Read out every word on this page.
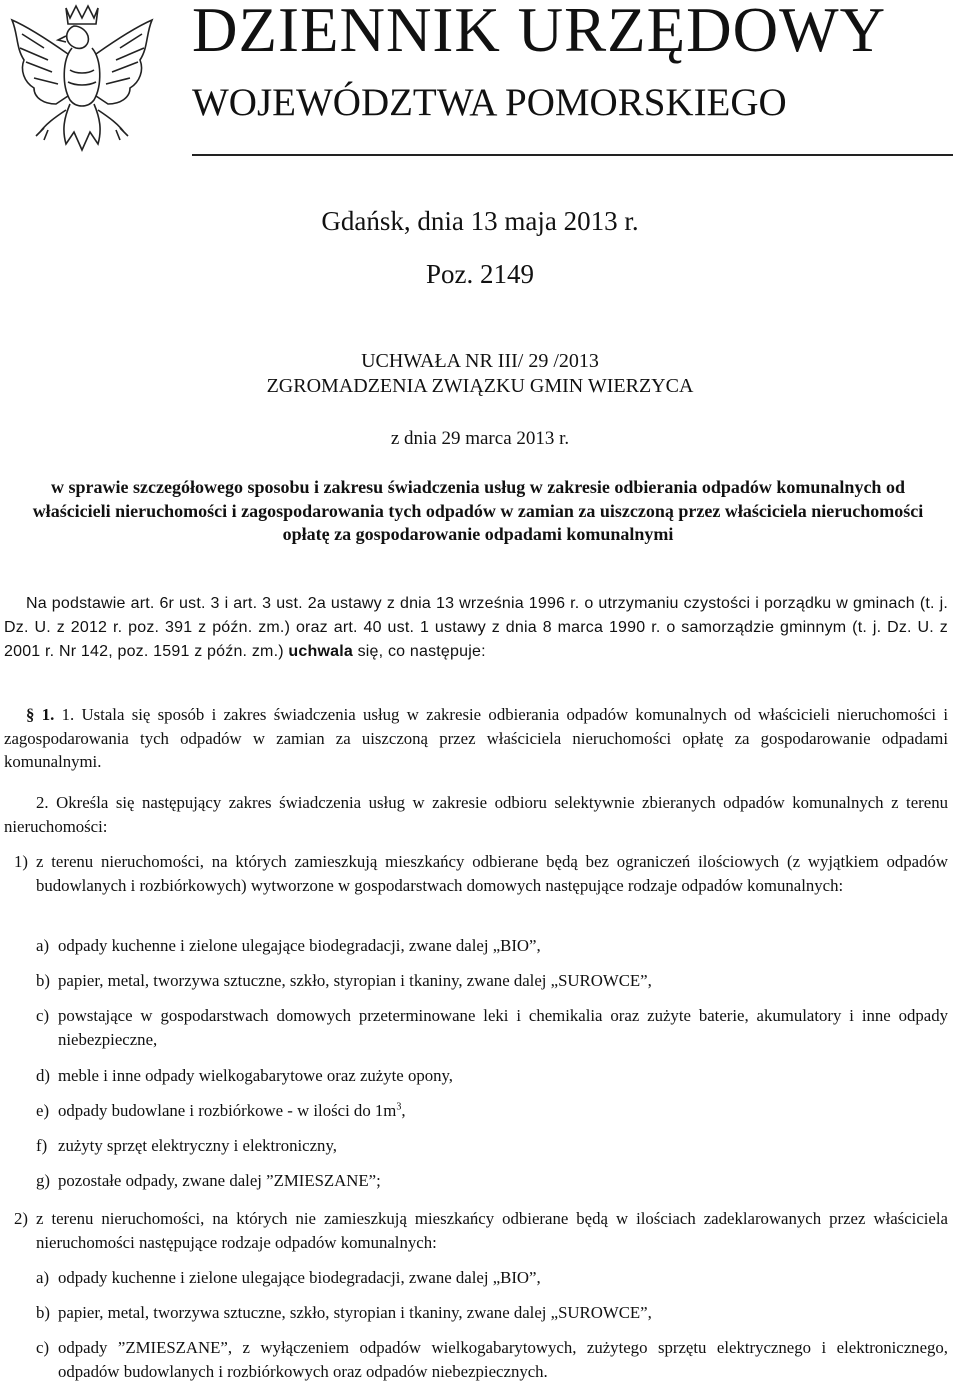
DZIENNIK URZĘDOWY
WOJEWÓDZTWA POMORSKIEGO
Gdańsk, dnia 13 maja 2013 r.
Poz. 2149
UCHWAŁA NR III/ 29 /2013
ZGROMADZENIA ZWIĄZKU GMIN WIERZYCA
z dnia 29 marca 2013 r.
w sprawie szczegółowego sposobu i zakresu świadczenia usług w zakresie odbierania odpadów komunalnych od właścicieli nieruchomości i zagospodarowania tych odpadów w zamian za uiszczoną przez właściciela nieruchomości opłatę za gospodarowanie odpadami komunalnymi
Na podstawie art. 6r ust. 3 i art. 3 ust. 2a ustawy z dnia 13 września 1996 r. o utrzymaniu czystości i porządku w gminach (t. j. Dz. U. z 2012 r. poz. 391 z późn. zm.) oraz art. 40 ust. 1 ustawy z dnia 8 marca 1990 r. o samorządzie gminnym (t. j. Dz. U. z 2001 r. Nr 142, poz. 1591 z późn. zm.) uchwala się, co następuje:
§ 1. 1. Ustala się sposób i zakres świadczenia usług w zakresie odbierania odpadów komunalnych od właścicieli nieruchomości i zagospodarowania tych odpadów w zamian za uiszczoną przez właściciela nieruchomości opłatę za gospodarowanie odpadami komunalnymi.
2. Określa się następujący zakres świadczenia usług w zakresie odbioru selektywnie zbieranych odpadów komunalnych z terenu nieruchomości:
1) z terenu nieruchomości, na których zamieszkują mieszkańcy odbierane będą bez ograniczeń ilościowych (z wyjątkiem odpadów budowlanych i rozbiórkowych) wytworzone w gospodarstwach domowych następujące rodzaje odpadów komunalnych:
a) odpady kuchenne i zielone ulegające biodegradacji, zwane dalej „BIO”,
b) papier, metal, tworzywa sztuczne, szkło, styropian i tkaniny, zwane dalej „SUROWCE”,
c) powstające w gospodarstwach domowych przeterminowane leki i chemikalia oraz zużyte baterie, akumulatory i inne odpady niebezpieczne,
d) meble i inne odpady wielkogabarytowe oraz zużyte opony,
e) odpady budowlane i rozbiórkowe - w ilości do $1m^3$,
f) zużyty sprzęt elektryczny i elektroniczny,
g) pozostałe odpady, zwane dalej ”ZMIESZANE”;
2) z terenu nieruchomości, na których nie zamieszkują mieszkańcy odbierane będą w ilościach zadeklarowanych przez właściciela nieruchomości następujące rodzaje odpadów komunalnych:
a) odpady kuchenne i zielone ulegające biodegradacji, zwane dalej „BIO”,
b) papier, metal, tworzywa sztuczne, szkło, styropian i tkaniny, zwane dalej „SUROWCE”,
c) odpady ”ZMIESZANE”, z wyłączeniem odpadów wielkogabarytowych, zużytego sprzętu elektrycznego i elektronicznego, odpadów budowlanych i rozbiórkowych oraz odpadów niebezpiecznych.
